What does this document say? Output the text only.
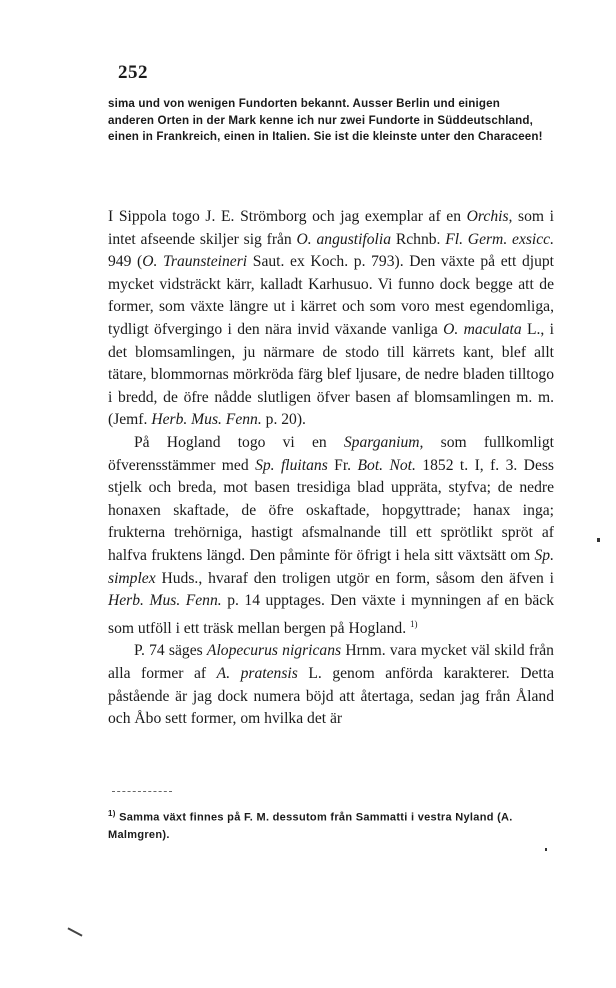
252
sima und von wenigen Fundorten bekannt. Ausser Berlin und einigen anderen Orten in der Mark kenne ich nur zwei Fundorte in Süddeutschland, einen in Frankreich, einen in Italien. Sie ist die kleinste unter den Characeen!

I Sippola togo J. E. Strömborg och jag exemplar af en Orchis, som i intet afseende skiljer sig från O. angustifolia Rchnb. Fl. Germ. exsicc. 949 (O. Traunsteineri Saut. ex Koch. p. 793). Den växte på ett djupt mycket vidsträckt kärr, kalladt Karhusuo. Vi funno dock begge att de former, som växte längre ut i kärret och som voro mest egendomliga, tydligt öfvergingo i den nära invid växande vanliga O. maculata L., i det blomsamlingen, ju närmare de stodo till kärrets kant, blef allt tätare, blommornas mörkröda färg blef ljusare, de nedre bladen tilltogo i bredd, de öfre nådde slutligen öfver basen af blomsamlingen m. m. (Jemf. Herb. Mus. Fenn. p. 20).

På Hogland togo vi en Sparganium, som fullkomligt öfverensstämmer med Sp. fluitans Fr. Bot. Not. 1852 t. I, f. 3. Dess stjelk och breda, mot basen tresidiga blad uppräta, styfva; de nedre honaxen skaftade, de öfre oskaftade, hopgyttrade; hanax inga; frukterna trehörniga, hastigt afsmalnande till ett sprötlikt spröt af halfva fruktens längd. Den påminte för öfrigt i hela sitt växtsätt om Sp. simplex Huds., hvaraf den troligen utgör en form, såsom den äfven i Herb. Mus. Fenn. p. 14 upptages. Den växte i mynningen af en bäck som utföll i ett träsk mellan bergen på Hogland. $^{1)}$

P. 74 säges Alopecurus nigricans Hrnm. vara mycket väl skild från alla former af A. pratensis L. genom anförda karakterer. Detta påstående är jag dock numera böjd att återtaga, sedan jag från Åland och Åbo sett former, om hvilka det är

$^{1)}$ Samma växt finnes på F. M. dessutom från Sammatti i vestra Nyland (A. Malmgren).
